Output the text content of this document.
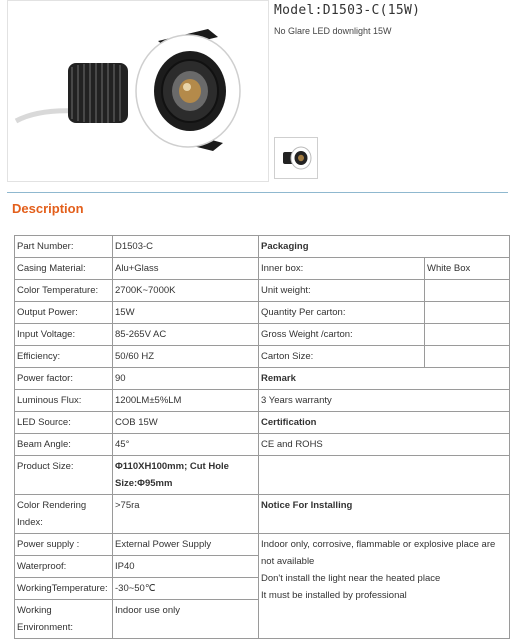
Model:D1503-C(15W)
No Glare LED downlight 15W
Description
Part Number:	D1503-C	Packaging	
Casing Material:	Alu+Glass	Inner box:	White Box
Color Temperature:	2700K~7000K	Unit weight:	
Output Power:	15W	Quantity Per carton:	
Input Voltage:	85-265V AC	Gross Weight /carton:	
Efficiency:	50/60 HZ	Carton Size:	
Power factor:	90	Remark	
Luminous Flux:	1200LM±5%LM	3 Years warranty	
LED Source:	COB 15W	Certification	
Beam Angle:	45°	CE and ROHS	
Product Size:	Φ110XH100mm; Cut Hole Size:Φ95mm		
Color Rendering Index:	>75ra	Notice For Installing	
Power supply :	External Power Supply	Indoor only, corrosive, flammable or explosive place are not available
Don't install the light near the heated place
It must be installed by professional	

Waterproof:	IP40		
WorkingTemperature:	-30~50℃		
Working Environment:	Indoor use only		
